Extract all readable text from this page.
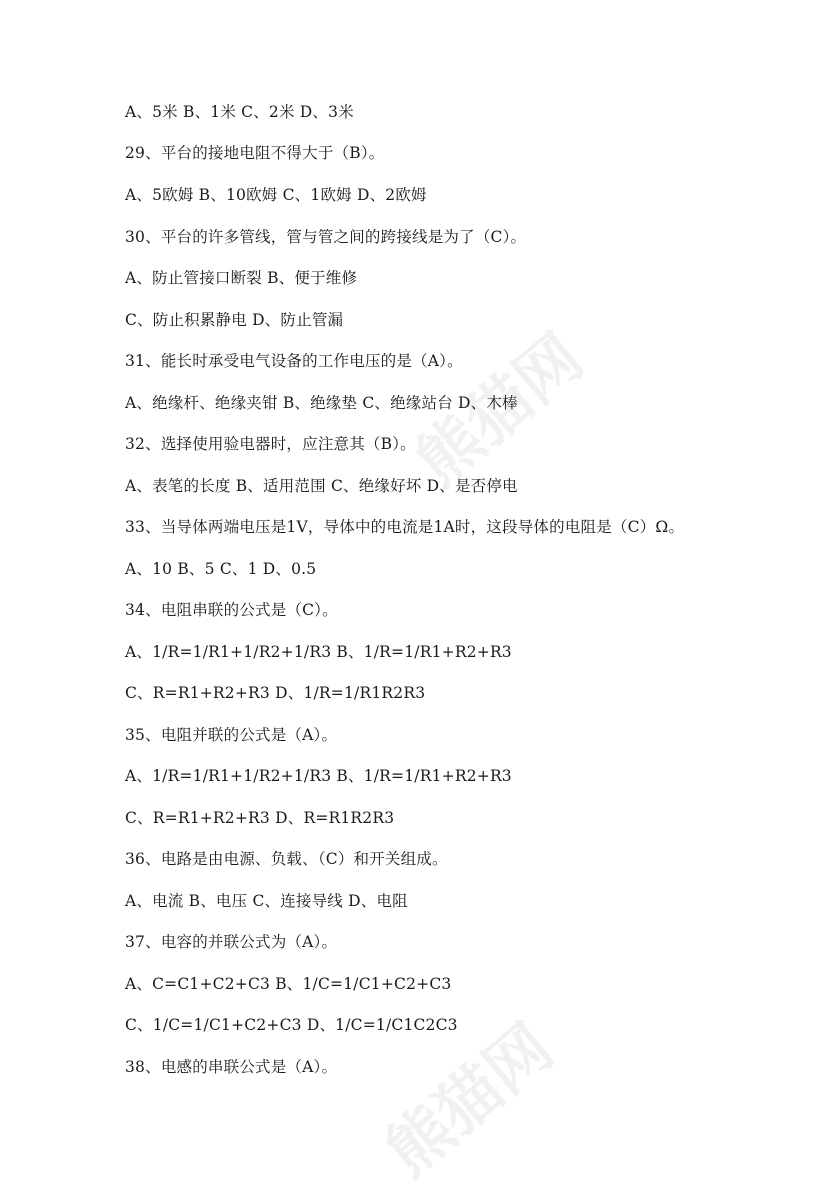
熊猫网
熊猫网
A、5米 B、1米 C、2米 D、3米
29、平台的接地电阻不得大于（B）。
A、5欧姆 B、10欧姆 C、1欧姆 D、2欧姆
30、平台的许多管线，管与管之间的跨接线是为了（C）。
A、防止管接口断裂 B、便于维修
C、防止积累静电 D、防止管漏
31、能长时承受电气设备的工作电压的是（A）。
A、绝缘杆、绝缘夹钳 B、绝缘垫 C、绝缘站台 D、木棒
32、选择使用验电器时，应注意其（B）。
A、表笔的长度 B、适用范围 C、绝缘好坏 D、是否停电
33、当导体两端电压是1V，导体中的电流是1A时，这段导体的电阻是（C）Ω。
A、10 B、5 C、1 D、0.5
34、电阻串联的公式是（C）。
A、1/R=1/R1+1/R2+1/R3 B、1/R=1/R1+R2+R3
C、R=R1+R2+R3 D、1/R=1/R1R2R3
35、电阻并联的公式是（A）。
A、1/R=1/R1+1/R2+1/R3 B、1/R=1/R1+R2+R3
C、R=R1+R2+R3 D、R=R1R2R3
36、电路是由电源、负载、（C）和开关组成。
A、电流 B、电压 C、连接导线 D、电阻
37、电容的并联公式为（A）。
A、C=C1+C2+C3 B、1/C=1/C1+C2+C3
C、1/C=1/C1+C2+C3 D、1/C=1/C1C2C3
38、电感的串联公式是（A）。
